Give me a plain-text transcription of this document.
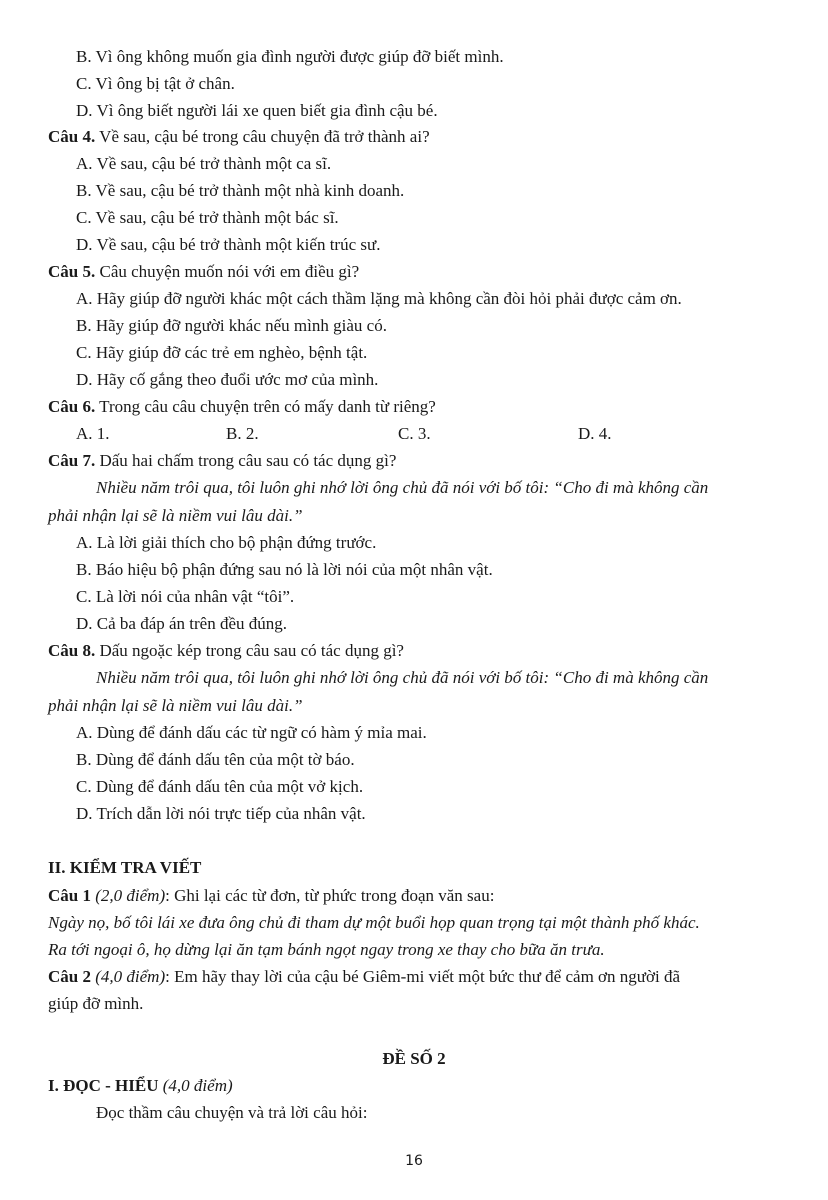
B. Vì ông không muốn gia đình người được giúp đỡ biết mình.
C. Vì ông bị tật ở chân.
D. Vì ông biết người lái xe quen biết gia đình cậu bé.
Câu 4. Về sau, cậu bé trong câu chuyện đã trở thành ai?
A. Về sau, cậu bé trở thành một ca sĩ.
B. Về sau, cậu bé trở thành một nhà kinh doanh.
C. Về sau, cậu bé trở thành một bác sĩ.
D. Về sau, cậu bé trở thành một kiến trúc sư.
Câu 5. Câu chuyện muốn nói với em điều gì?
A. Hãy giúp đỡ người khác một cách thầm lặng mà không cần đòi hỏi phải được cảm ơn.
B. Hãy giúp đỡ người khác nếu mình giàu có.
C. Hãy giúp đỡ các trẻ em nghèo, bệnh tật.
D. Hãy cố gắng theo đuổi ước mơ của mình.
Câu 6. Trong câu câu chuyện trên có mấy danh từ riêng?
A. 1.	B. 2.	C. 3.	D. 4.
Câu 7. Dấu hai chấm trong câu sau có tác dụng gì?
Nhiều năm trôi qua, tôi luôn ghi nhớ lời ông chủ đã nói với bố tôi: “Cho đi mà không cần
phải nhận lại sẽ là niềm vui lâu dài.”
A. Là lời giải thích cho bộ phận đứng trước.
B. Báo hiệu bộ phận đứng sau nó là lời nói của một nhân vật.
C. Là lời nói của nhân vật “tôi”.
D. Cả ba đáp án trên đều đúng.
Câu 8. Dấu ngoặc kép trong câu sau có tác dụng gì?
Nhiều năm trôi qua, tôi luôn ghi nhớ lời ông chủ đã nói với bố tôi: “Cho đi mà không cần
phải nhận lại sẽ là niềm vui lâu dài.”
A. Dùng để đánh dấu các từ ngữ có hàm ý mỉa mai.
B. Dùng để đánh dấu tên của một tờ báo.
C. Dùng để đánh dấu tên của một vở kịch.
D. Trích dẫn lời nói trực tiếp của nhân vật.
II. KIỂM TRA VIẾT
Câu 1 (2,0 điểm): Ghi lại các từ đơn, từ phức trong đoạn văn sau:
Ngày nọ, bố tôi lái xe đưa ông chủ đi tham dự một buổi họp quan trọng tại một thành phố khác.
Ra tới ngoại ô, họ dừng lại ăn tạm bánh ngọt ngay trong xe thay cho bữa ăn trưa.
Câu 2 (4,0 điểm): Em hãy thay lời của cậu bé Giêm-mi viết một bức thư để cảm ơn người đã
giúp đỡ mình.
ĐỀ SỐ 2
I. ĐỌC - HIỂU (4,0 điểm)
Đọc thầm câu chuyện và trả lời câu hỏi:
16
